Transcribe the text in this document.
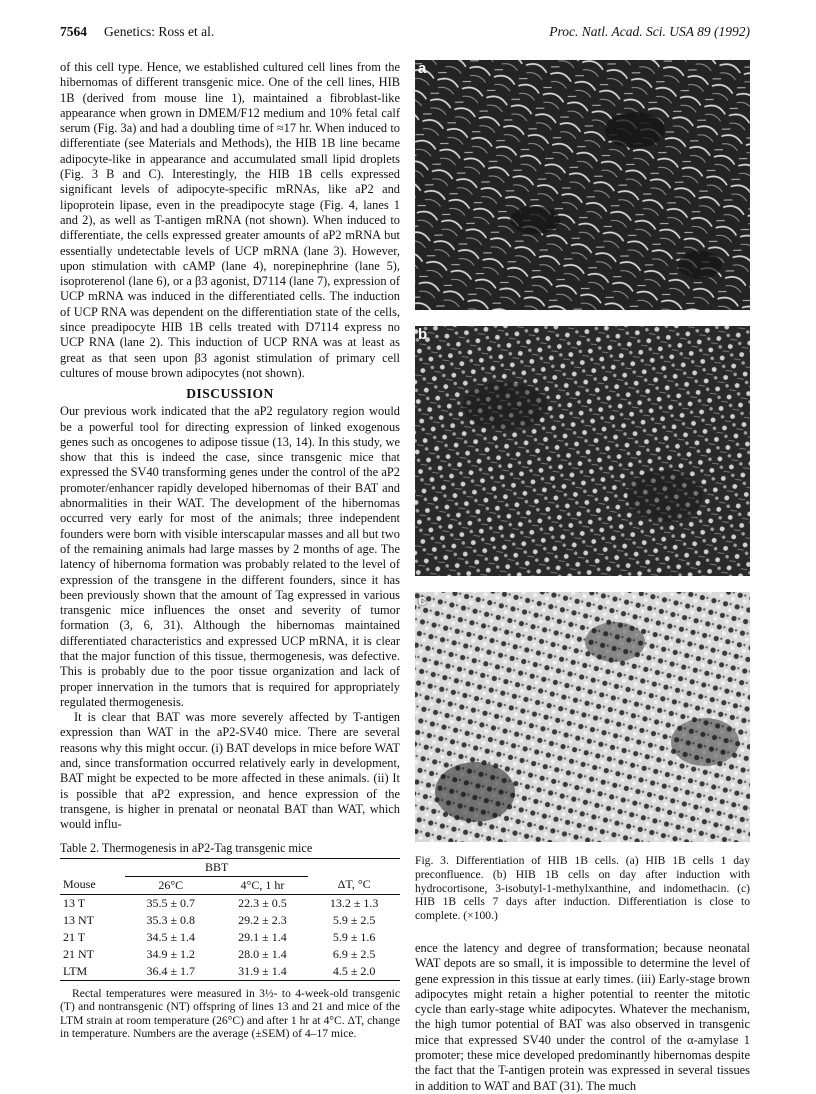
7564 Genetics: Ross et al.	Proc. Natl. Acad. Sci. USA 89 (1992)

of this cell type. Hence, we established cultured cell lines from the hibernomas of different transgenic mice. One of the cell lines, HIB 1B (derived from mouse line 1), maintained a fibroblast-like appearance when grown in DMEM/F12 medium and 10% fetal calf serum (Fig. 3a) and had a doubling time of ≈17 hr. When induced to differentiate (see Materials and Methods), the HIB 1B line became adipocyte-like in appearance and accumulated small lipid droplets (Fig. 3 B and C). Interestingly, the HIB 1B cells expressed significant levels of adipocyte-specific mRNAs, like aP2 and lipoprotein lipase, even in the preadipocyte stage (Fig. 4, lanes 1 and 2), as well as T-antigen mRNA (not shown). When induced to differentiate, the cells expressed greater amounts of aP2 mRNA but essentially undetectable levels of UCP mRNA (lane 3). However, upon stimulation with cAMP (lane 4), norepinephrine (lane 5), isoproterenol (lane 6), or a β3 agonist, D7114 (lane 7), expression of UCP mRNA was induced in the differentiated cells. The induction of UCP RNA was dependent on the differentiation state of the cells, since preadipocyte HIB 1B cells treated with D7114 express no UCP RNA (lane 2). This induction of UCP RNA was at least as great as that seen upon β3 agonist stimulation of primary cell cultures of mouse brown adipocytes (not shown).

DISCUSSION

Our previous work indicated that the aP2 regulatory region would be a powerful tool for directing expression of linked exogenous genes such as oncogenes to adipose tissue (13, 14). In this study, we show that this is indeed the case, since transgenic mice that expressed the SV40 transforming genes under the control of the aP2 promoter/enhancer rapidly developed hibernomas of their BAT and abnormalities in their WAT. The development of the hibernomas occurred very early for most of the animals; three independent founders were born with visible interscapular masses and all but two of the remaining animals had large masses by 2 months of age. The latency of hibernoma formation was probably related to the level of expression of the transgene in the different founders, since it has been previously shown that the amount of Tag expressed in various transgenic mice influences the onset and severity of tumor formation (3, 6, 31). Although the hibernomas maintained differentiated characteristics and expressed UCP mRNA, it is clear that the major function of this tissue, thermogenesis, was defective. This is probably due to the poor tissue organization and lack of proper innervation in the tumors that is required for appropriately regulated thermogenesis.

It is clear that BAT was more severely affected by T-antigen expression than WAT in the aP2-SV40 mice. There are several reasons why this might occur. (i) BAT develops in mice before WAT and, since transformation occurred relatively early in development, BAT might be expected to be more affected in these animals. (ii) It is possible that aP2 expression, and hence expression of the transgene, is higher in prenatal or neonatal BAT than WAT, which would influ-

Table 2. Thermogenesis in aP2-Tag transgenic mice

	BBT		
Mouse	26°C	4°C, 1 hr	ΔT, °C
13 T	35.5 ± 0.7	22.3 ± 0.5	13.2 ± 1.3
13 NT	35.3 ± 0.8	29.2 ± 2.3	5.9 ± 2.5
21 T	34.5 ± 1.4	29.1 ± 1.4	5.9 ± 1.6
21 NT	34.9 ± 1.2	28.0 ± 1.4	6.9 ± 2.5
LTM	36.4 ± 1.7	31.9 ± 1.4	4.5 ± 2.0

Rectal temperatures were measured in 3½- to 4-week-old transgenic (T) and nontransgenic (NT) offspring of lines 13 and 21 and mice of the LTM strain at room temperature (26°C) and after 1 hr at 4°C. ΔT, change in temperature. Numbers are the average (±SEM) of 4–17 mice.

a
b
c

Fig. 3. Differentiation of HIB 1B cells. (a) HIB 1B cells 1 day preconfluence. (b) HIB 1B cells on day after induction with hydrocortisone, 3-isobutyl-1-methylxanthine, and indomethacin. (c) HIB 1B cells 7 days after induction. Differentiation is close to complete. (×100.)

ence the latency and degree of transformation; because neonatal WAT depots are so small, it is impossible to determine the level of gene expression in this tissue at early times. (iii) Early-stage brown adipocytes might retain a higher potential to reenter the mitotic cycle than early-stage white adipocytes. Whatever the mechanism, the high tumor potential of BAT was also observed in transgenic mice that expressed SV40 under the control of the α-amylase 1 promoter; these mice developed predominantly hibernomas despite the fact that the T-antigen protein was expressed in several tissues in addition to WAT and BAT (31). The much
